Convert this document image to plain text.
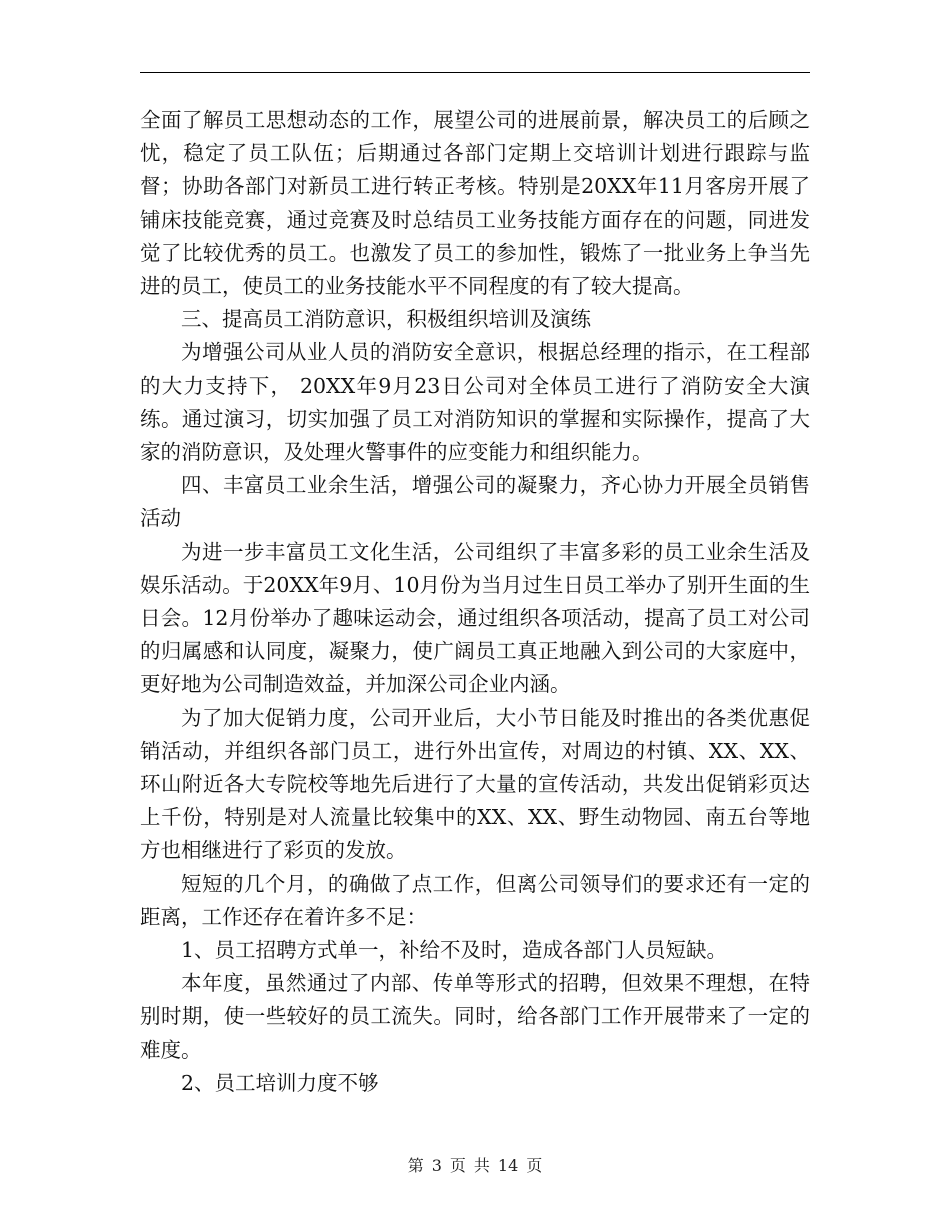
全面了解员工思想动态的工作，展望公司的进展前景，解决员工的后顾之忧，稳定了员工队伍；后期通过各部门定期上交培训计划进行跟踪与监督；协助各部门对新员工进行转正考核。特别是20XX年11月客房开展了铺床技能竞赛，通过竞赛及时总结员工业务技能方面存在的问题，同进发觉了比较优秀的员工。也激发了员工的参加性，锻炼了一批业务上争当先进的员工，使员工的业务技能水平不同程度的有了较大提高。

三、提高员工消防意识，积极组织培训及演练

为增强公司从业人员的消防安全意识，根据总经理的指示，在工程部的大力支持下， 20XX年9月23日公司对全体员工进行了消防安全大演练。通过演习，切实加强了员工对消防知识的掌握和实际操作，提高了大家的消防意识，及处理火警事件的应变能力和组织能力。

四、丰富员工业余生活，增强公司的凝聚力，齐心协力开展全员销售活动

为进一步丰富员工文化生活，公司组织了丰富多彩的员工业余生活及娱乐活动。于20XX年9月、10月份为当月过生日员工举办了别开生面的生日会。12月份举办了趣味运动会，通过组织各项活动，提高了员工对公司的归属感和认同度，凝聚力，使广阔员工真正地融入到公司的大家庭中，更好地为公司制造效益，并加深公司企业内涵。

为了加大促销力度，公司开业后，大小节日能及时推出的各类优惠促销活动，并组织各部门员工，进行外出宣传，对周边的村镇、XX、XX、环山附近各大专院校等地先后进行了大量的宣传活动，共发出促销彩页达上千份，特别是对人流量比较集中的XX、XX、野生动物园、南五台等地方也相继进行了彩页的发放。

短短的几个月，的确做了点工作，但离公司领导们的要求还有一定的距离，工作还存在着许多不足：

1、员工招聘方式单一，补给不及时，造成各部门人员短缺。

本年度，虽然通过了内部、传单等形式的招聘，但效果不理想，在特别时期，使一些较好的员工流失。同时，给各部门工作开展带来了一定的难度。

2、员工培训力度不够

第 3 页 共 14 页
